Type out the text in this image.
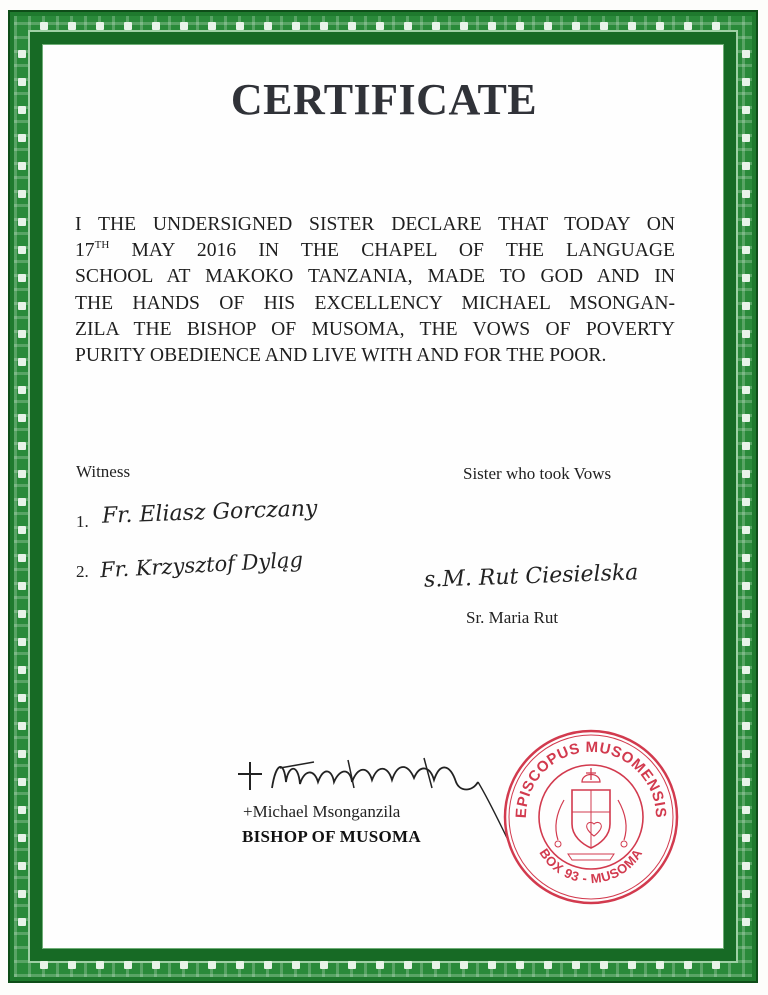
CERTIFICATE
I THE UNDERSIGNED SISTER DECLARE THAT TODAY ON
17TH MAY 2016 IN THE CHAPEL OF THE LANGUAGE
SCHOOL AT MAKOKO TANZANIA, MADE TO GOD AND IN
THE HANDS OF HIS EXCELLENCY MICHAEL MSONGAN-
ZILA THE BISHOP OF MUSOMA, THE VOWS OF POVERTY
PURITY OBEDIENCE AND LIVE WITH AND FOR THE POOR.
Witness
1. Fr. Eliasz Gorczany
2. Fr. Krzysztof Dyląg
Sister who took Vows
s.M. Rut Ciesielska
Sr. Maria Rut
+Michael Msonganzila
BISHOP OF MUSOMA
EPISCOPUS MUSOMENSIS
BOX 93 - MUSOMA
